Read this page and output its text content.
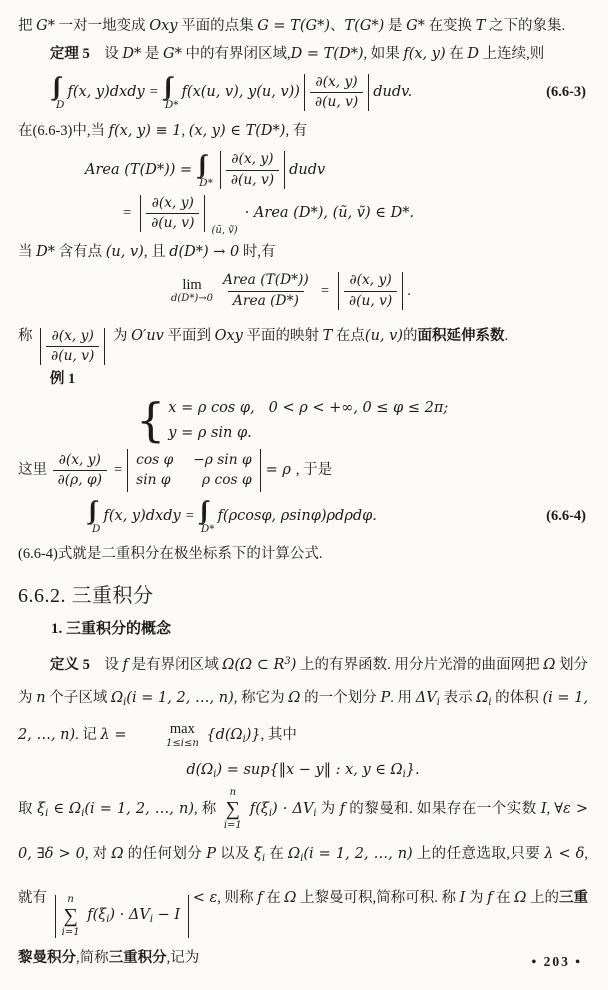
把 G* 一对一地变成 Oxy 平面的点集 G = T(G*)、T(G*) 是 G* 在变换 T 之下的象集.

定理 5　设 D* 是 G* 中的有界闭区域,D = T(D*), 如果 f(x, y) 在 D 上连续,则

D
f(x, y)dxdy =
D*
f(x(u, v), y(u, $v)) \frac{\partial(x, y)}{\partial(u, v)}$ dudv.	(6.6-3)

在(6.6-3)中,当 f(x, y) ≡ 1, (x, y) ∈ T(D*), 有

Area (T(D*)) =
$D* \frac{\partial(x, y)}{\partial(u, v)}$ dudv
=	$\frac{\partial(x, y)}{\partial(u, v)}$ (ũ, ṽ)
· Area (D*), (ũ, ṽ) ∈ D*.

当 D* 含有点 (u, v), 且 d(D*) → 0 时,有

lim
$d(D*)\to 0 \frac{\text{Area (T(D*))}}{\text{Area (D*)}}$ =	$\frac{\partial(x, y)}{\partial(u, v)}$ .

称 $\frac{\partial(x, y)}{\partial(u, v)}$ 为 O′uv 平面到 Oxy 平面的映射 T 在点(u, v)的面积延伸系数.

例 1

{ x = ρ cos φ, 0 < ρ < +∞, 0 ≤ φ ≤ 2π;
y = ρ sin φ.
这里 $\frac{\partial(x, y)}{\partial(\rho, \varphi)}$ =
cos φ −ρ sin φ
sin φ	ρ cos φ
= ρ , 于是
D
f(x, y)dxdy =
D*
f(ρcosφ, ρsinφ)ρdρdφ.	(6.6-4)

(6.6-4)式就是二重积分在极坐标系下的计算公式.

6.6.2. 三重积分
1. 三重积分的概念

定义 5　设 f 是有界闭区域 Ω(Ω ⊂ $R^3$) 上的有界函数. 用分片光滑的曲面网把 Ω 划分为 n 个子区域 $\Omega_i(i = 1$, 2, …, n), 称它为 Ω 的一个划分 P. 用 $\Delta V_i$ 表示 $\Omega_i$ 的体积 (i = 1, 2, …, n). 记 λ =	max
1≤i≤n
$\{d(\Omega_i)\}$, 其中

$d(\Omega_i)$ = sup{‖x − y‖ : x, y ∈ $\Omega_i$}.

取 $\xi_i$ ∈ $\Omega_i(i = 1$, 2, …, n), 称
n
∑
i=1
$f(\xi_i) \cdot \Delta V_i$ 为 f 的黎曼和. 如果存在一个实数 I, ∀ε > 0, ∃δ > 0, 对 Ω 的任何划分 P 以及 $\xi_i$ 在 $\Omega_i(i = 1$, 2, …, n) 上的任意选取,只要 λ < δ, 就有 n
∑
i=1
$f(\xi_i) \cdot \Delta V_i - I$
< ε, 则称 f 在 Ω 上黎曼可积,简称可积. 称 I 为 f 在 Ω 上的三重黎曼积分,简称三重积分,记为	• 203 •
